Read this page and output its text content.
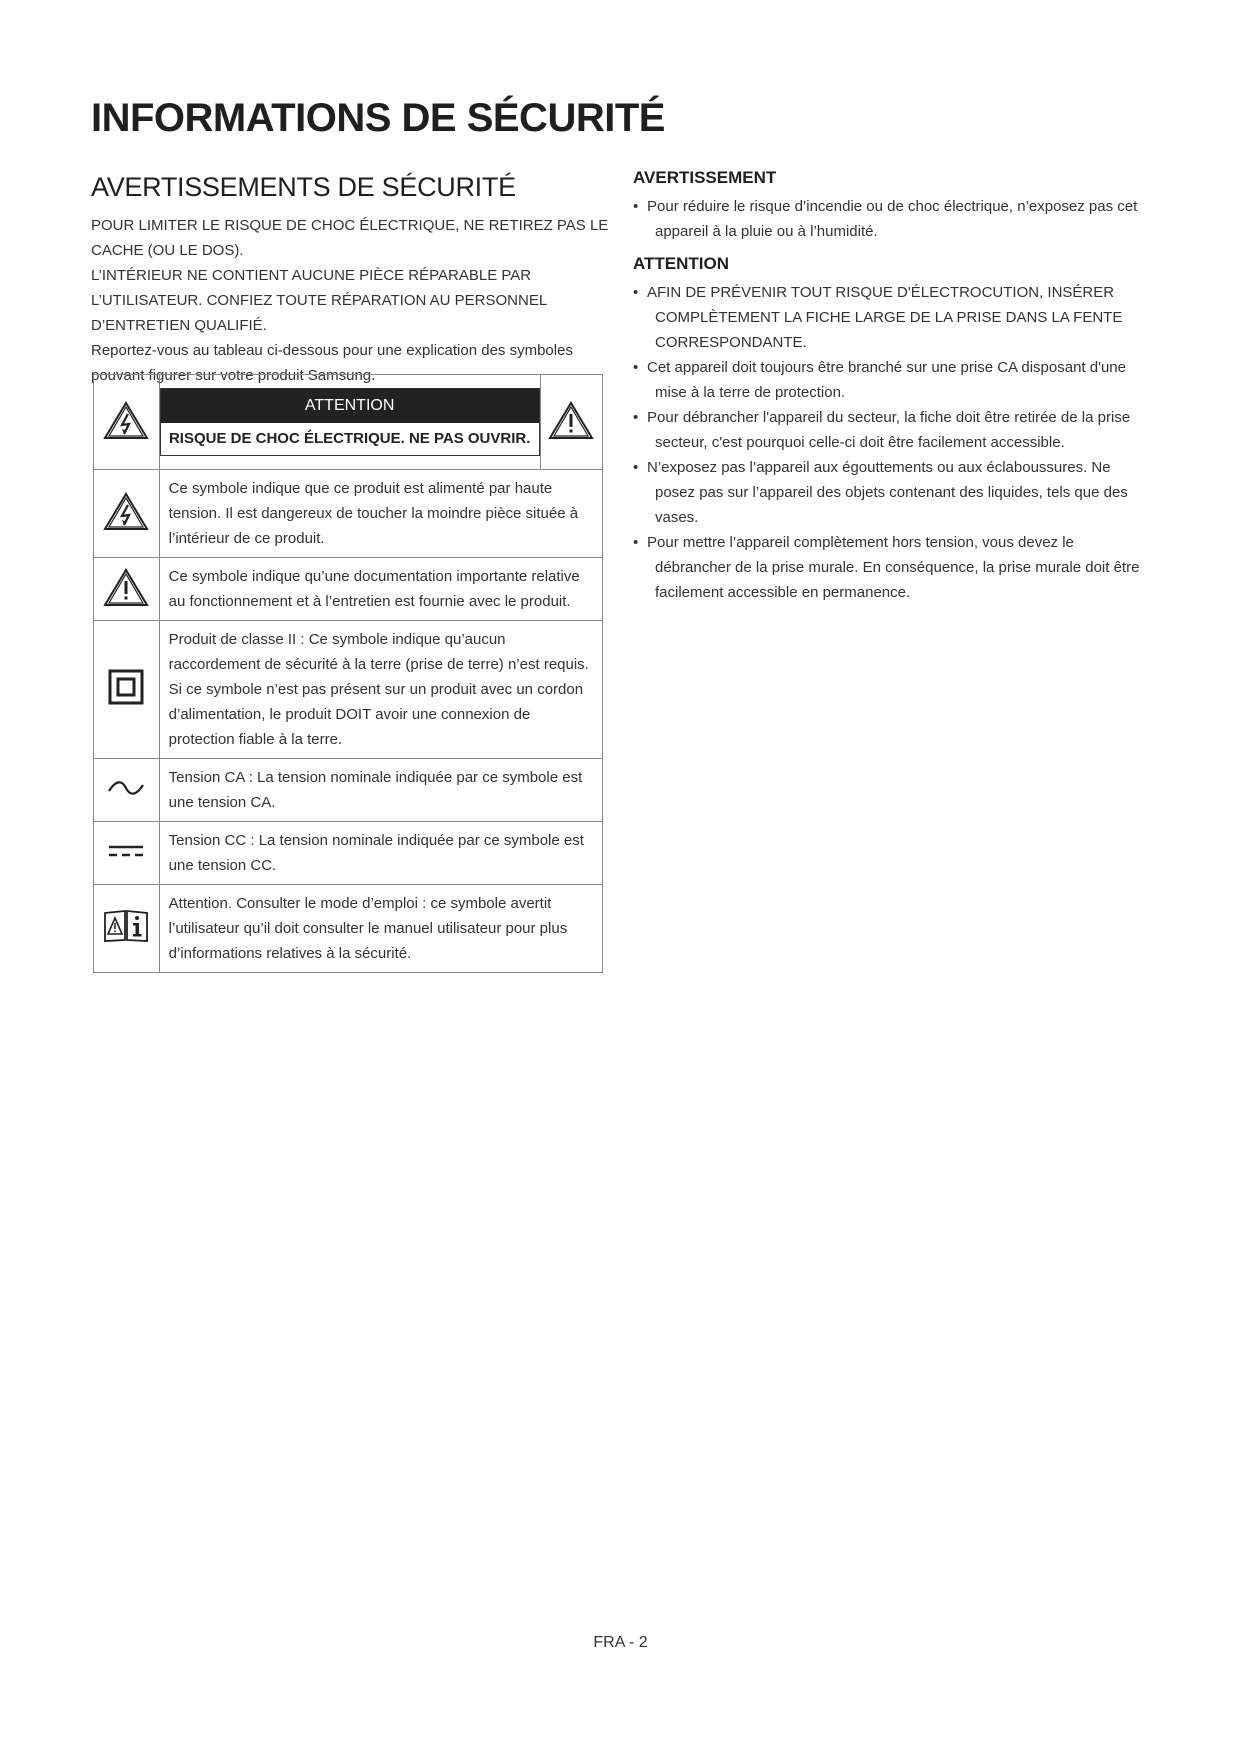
INFORMATIONS DE SÉCURITÉ
AVERTISSEMENTS DE SÉCURITÉ

POUR LIMITER LE RISQUE DE CHOC ÉLECTRIQUE, NE RETIREZ PAS LE CACHE (OU LE DOS).

L’INTÉRIEUR NE CONTIENT AUCUNE PIÈCE RÉPARABLE PAR L’UTILISATEUR. CONFIEZ TOUTE RÉPARATION AU PERSONNEL D’ENTRETIEN QUALIFIÉ.

Reportez-vous au tableau ci-dessous pour une explication des symboles pouvant figurer sur votre produit Samsung.

ATTENTION
RISQUE DE CHOC ÉLECTRIQUE. NE PAS OUVRIR.

Ce symbole indique que ce produit est alimenté par haute tension. Il est dangereux de toucher la moindre pièce située à l’intérieur de ce produit.	

Ce symbole indique qu’une documentation importante relative au fonctionnement et à l’entretien est fournie avec le produit.	

Produit de classe II : Ce symbole indique qu’aucun raccordement de sécurité à la terre (prise de terre) n’est requis.

Si ce symbole n’est pas présent sur un produit avec un cordon d’alimentation, le produit DOIT avoir une connexion de protection fiable à la terre.	

Tension CA : La tension nominale indiquée par ce symbole est une tension CA.	

Tension CC : La tension nominale indiquée par ce symbole est une tension CC.	

Attention. Consulter le mode d’emploi : ce symbole avertit l’utilisateur qu’il doit consulter le manuel utilisateur pour plus d’informations relatives à la sécurité.	

AVERTISSEMENT
• Pour réduire le risque d’incendie ou de choc électrique, n’exposez pas cet appareil à la pluie ou à l’humidité.
ATTENTION
• AFIN DE PRÉVENIR TOUT RISQUE D'ÉLECTROCUTION, INSÉRER COMPLÈTEMENT LA FICHE LARGE DE LA PRISE DANS LA FENTE CORRESPONDANTE.
• Cet appareil doit toujours être branché sur une prise CA disposant d'une mise à la terre de protection.
• Pour débrancher l'appareil du secteur, la fiche doit être retirée de la prise secteur, c'est pourquoi celle-ci doit être facilement accessible.
• N’exposez pas l’appareil aux égouttements ou aux éclaboussures. Ne posez pas sur l’appareil des objets contenant des liquides, tels que des vases.
• Pour mettre l’appareil complètement hors tension, vous devez le débrancher de la prise murale. En conséquence, la prise murale doit être facilement accessible en permanence.
FRA - 2
